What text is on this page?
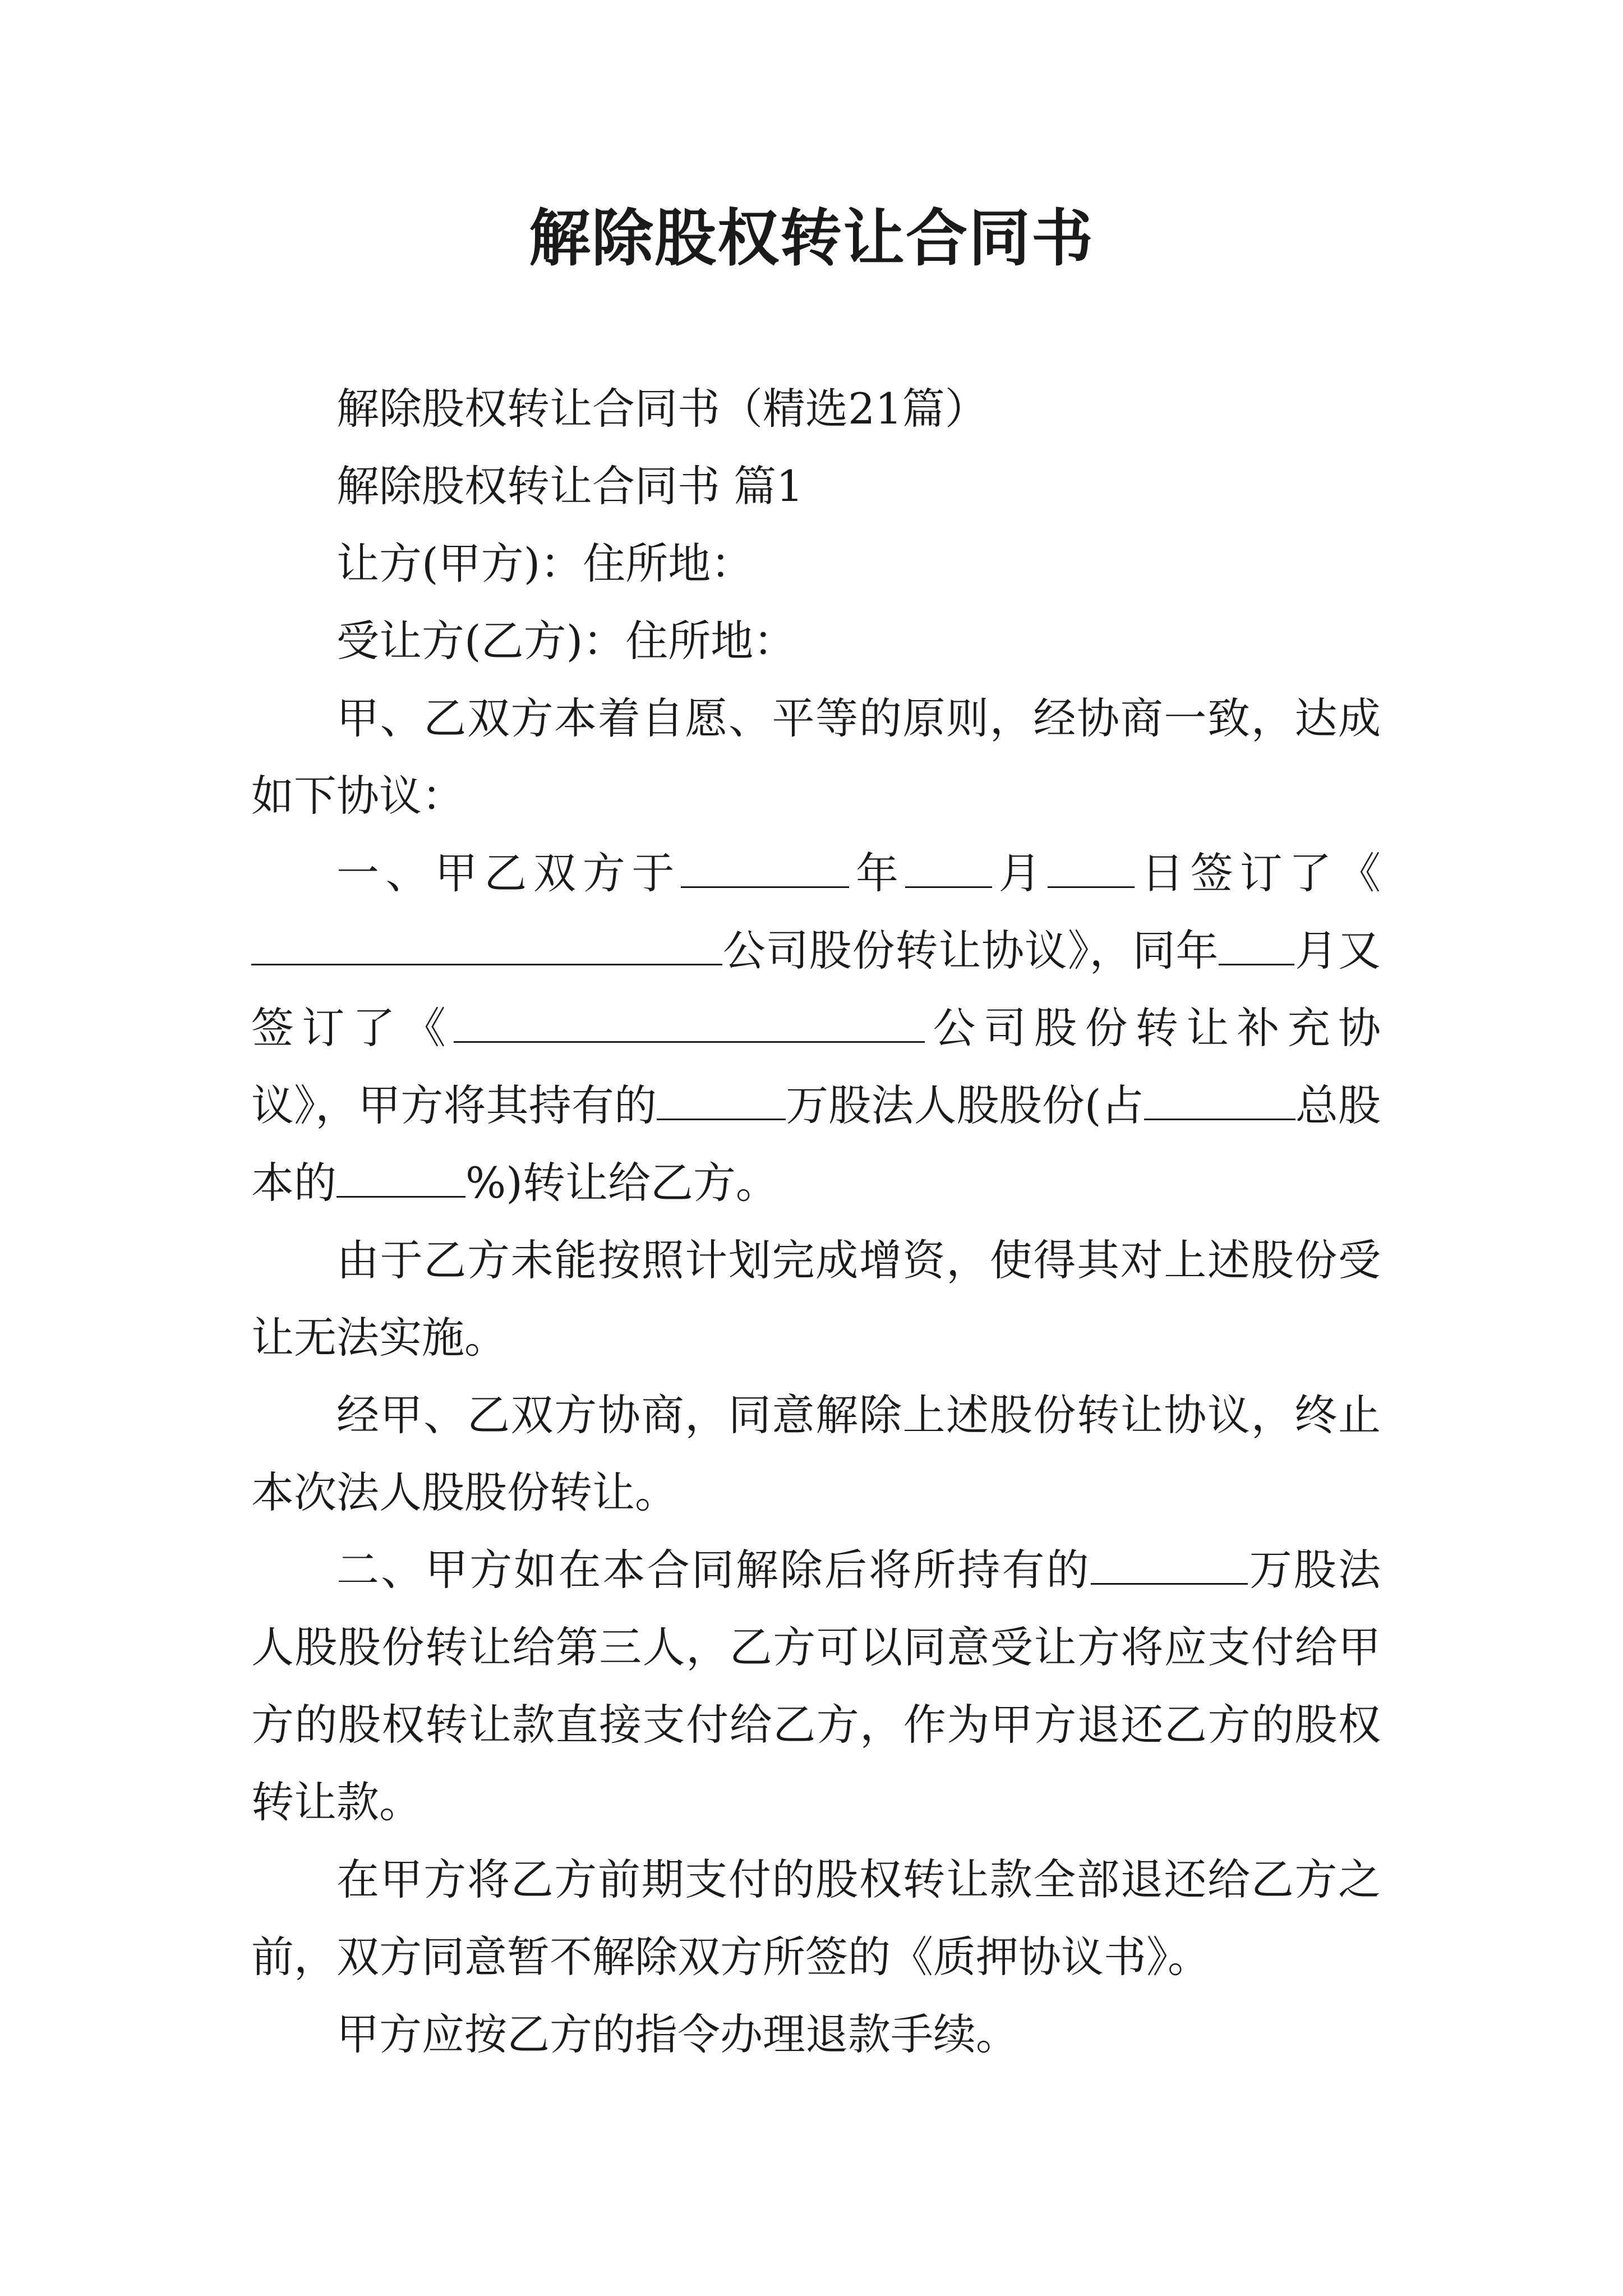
解除股权转让合同书

解除股权转让合同书（精选21篇）

解除股权转让合同书 篇1

让方(甲方)：住所地：

受让方(乙方)：住所地：

甲、乙双方本着自愿、平等的原则，经协商一致，达成如下协议：

一、甲乙双方于	年 月 日签订了《公司股份转让协议》，同年 月又签订了《	公司股份转让补充协议》，甲方将其持有的	万股法人股股份(占	总股本的	%)转让给乙方。

由于乙方未能按照计划完成增资，使得其对上述股份受让无法实施。

经甲、乙双方协商，同意解除上述股份转让协议，终止本次法人股股份转让。

二、甲方如在本合同解除后将所持有的	万股法人股股份转让给第三人，乙方可以同意受让方将应支付给甲方的股权转让款直接支付给乙方，作为甲方退还乙方的股权转让款。

在甲方将乙方前期支付的股权转让款全部退还给乙方之前，双方同意暂不解除双方所签的《质押协议书》。

甲方应按乙方的指令办理退款手续。
